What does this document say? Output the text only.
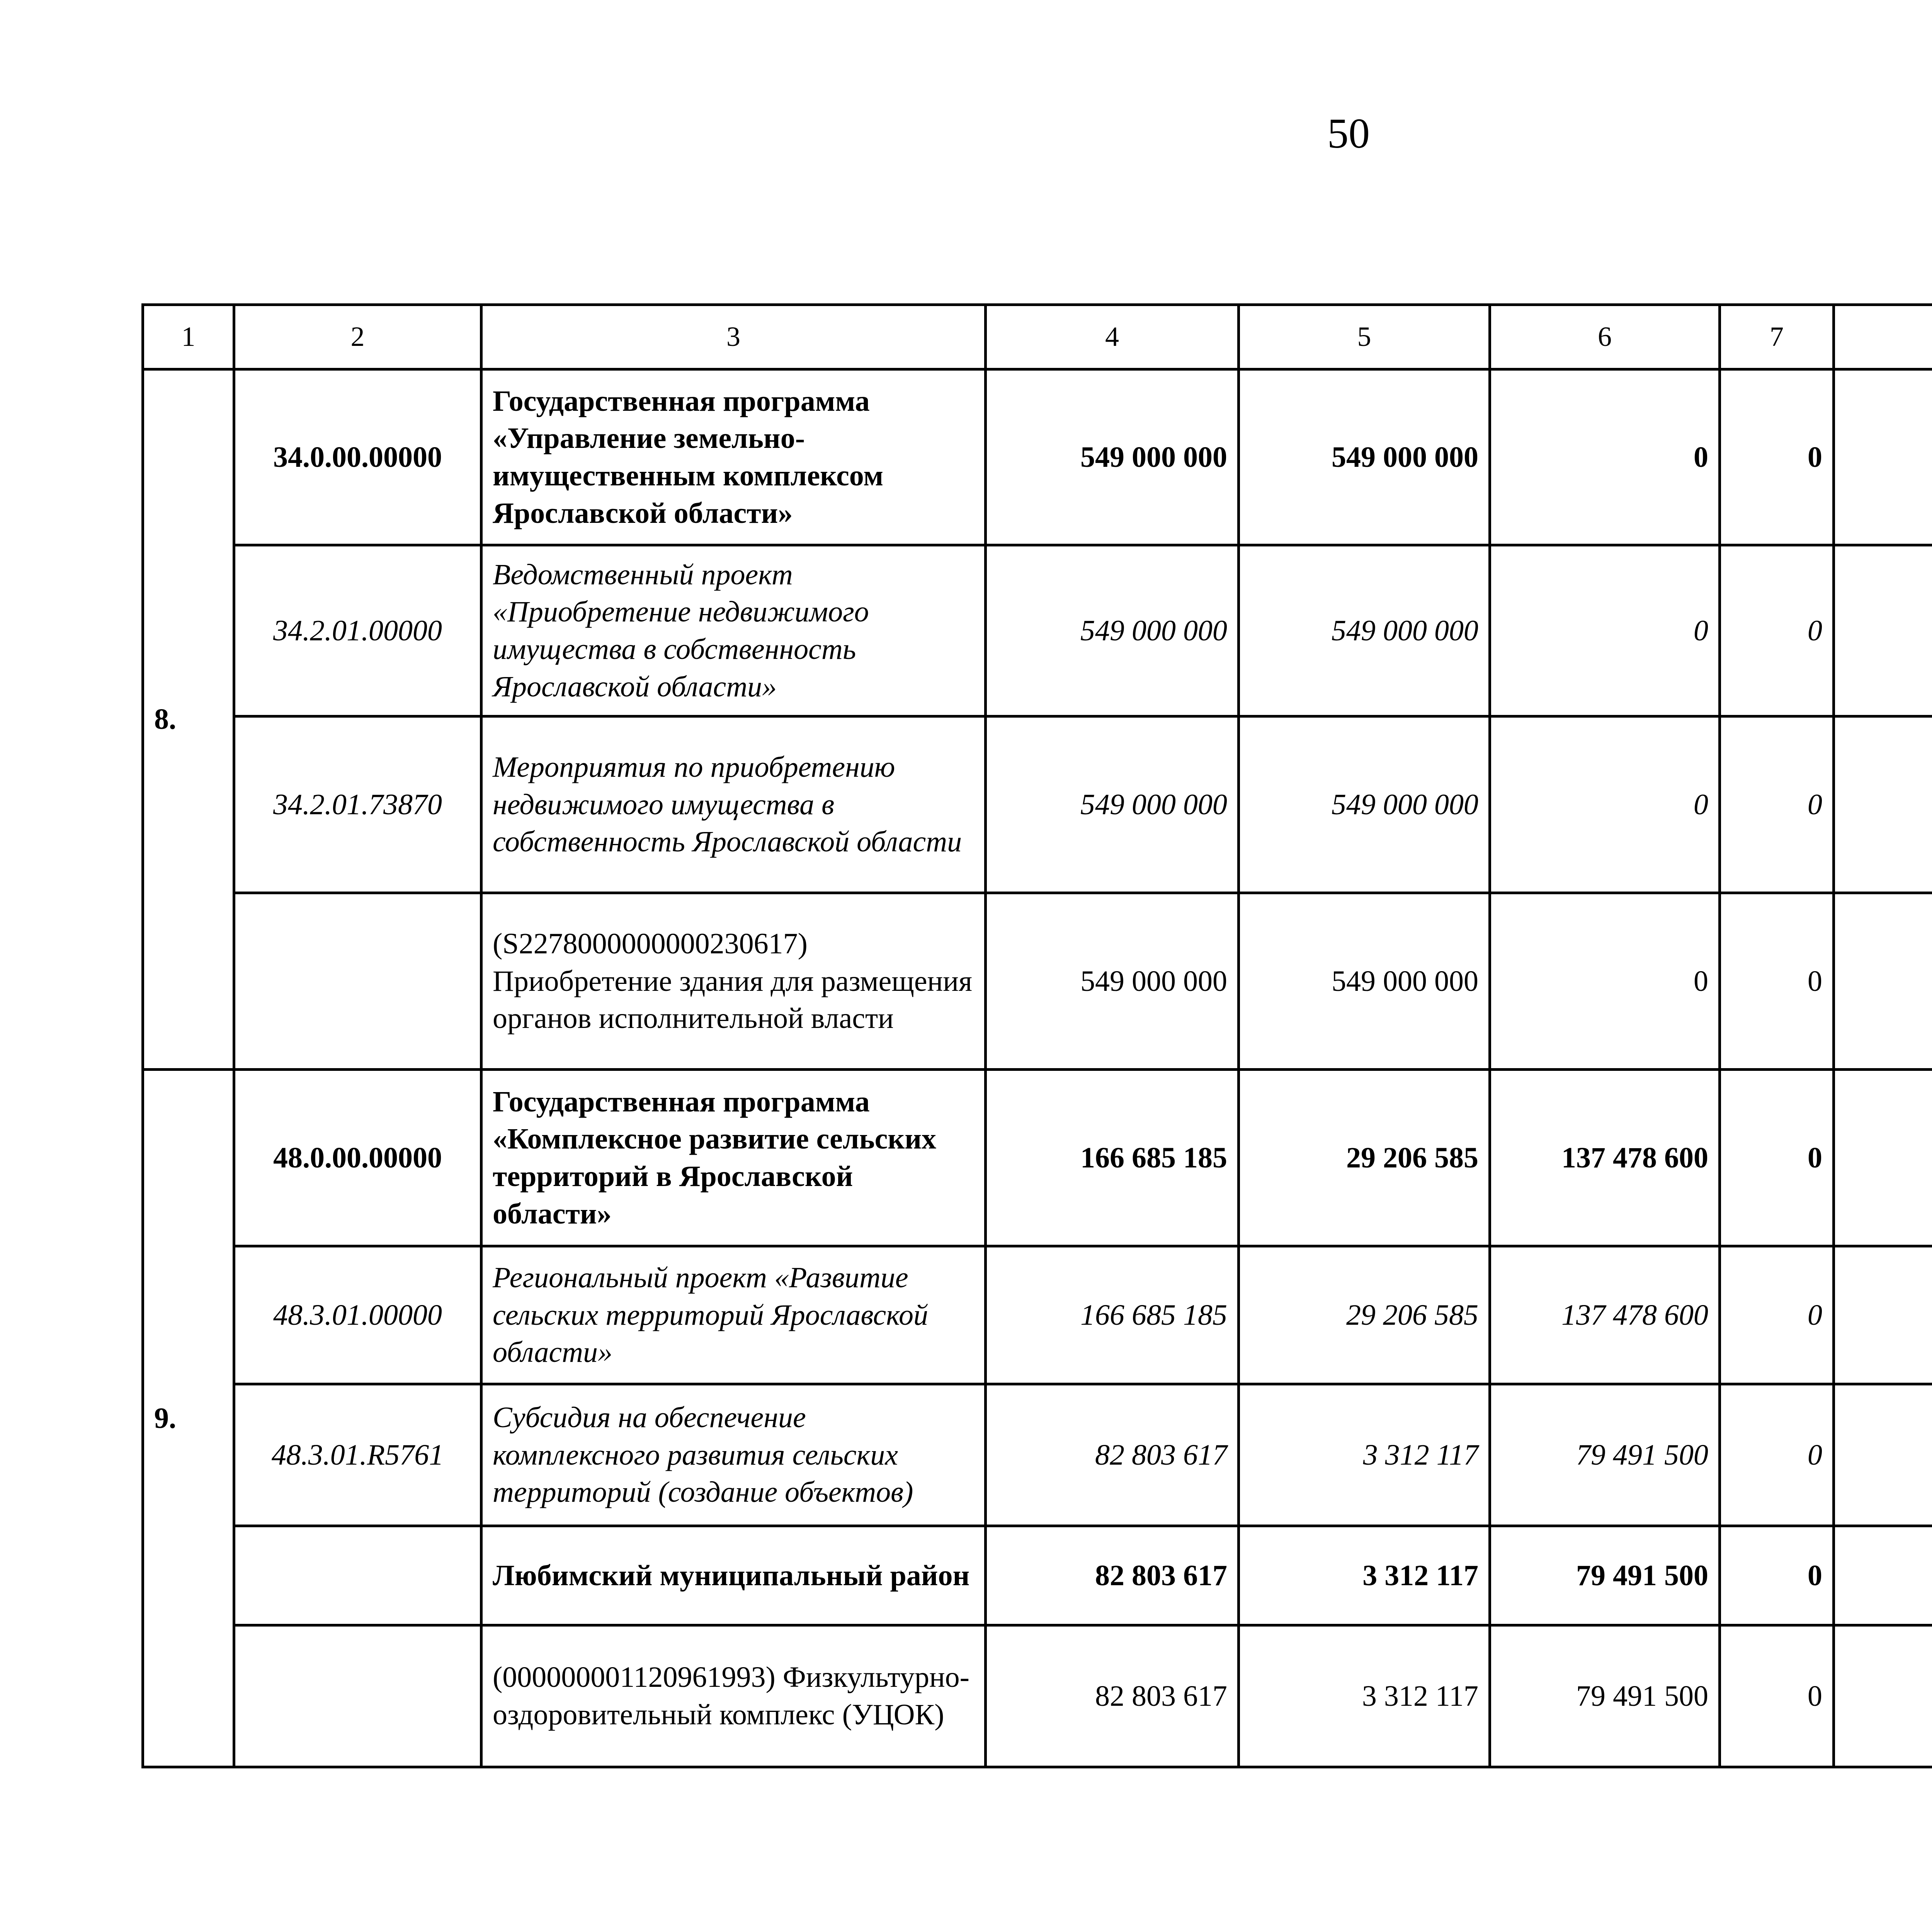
50
1	2	3	4	5	6	7				
8.	34.0.00.00000	Государственная программа «Управление земельно-имущественным комплексом Ярославской области»	549 000 000	549 000 000	0	0				
	34.2.01.00000	Ведомственный проект «Приобретение недвижимого имущества в собственность Ярославской области»	549 000 000	549 000 000	0	0				
	34.2.01.73870	Мероприятия по приобретению недвижимого имущества в собственность Ярославской области	549 000 000	549 000 000	0	0				
		(S2278000000000230617) Приобретение здания для размещения органов исполнительной власти	549 000 000	549 000 000	0	0				
9.	48.0.00.00000	Государственная программа «Комплексное развитие сельских территорий в Ярославской области»	166 685 185	29 206 585	137 478 600	0				
	48.3.01.00000	Региональный проект «Развитие сельских территорий Ярославской области»	166 685 185	29 206 585	137 478 600	0				
	48.3.01.R5761	Субсидия на обеспечение комплексного развития сельских территорий (создание объектов)	82 803 617	3 312 117	79 491 500	0				
		Любимский муниципальный район	82 803 617	3 312 117	79 491 500	0				
		(000000001120961993) Физкультурно-оздоровительный комплекс (УЦОК)	82 803 617	3 312 117	79 491 500	0				
